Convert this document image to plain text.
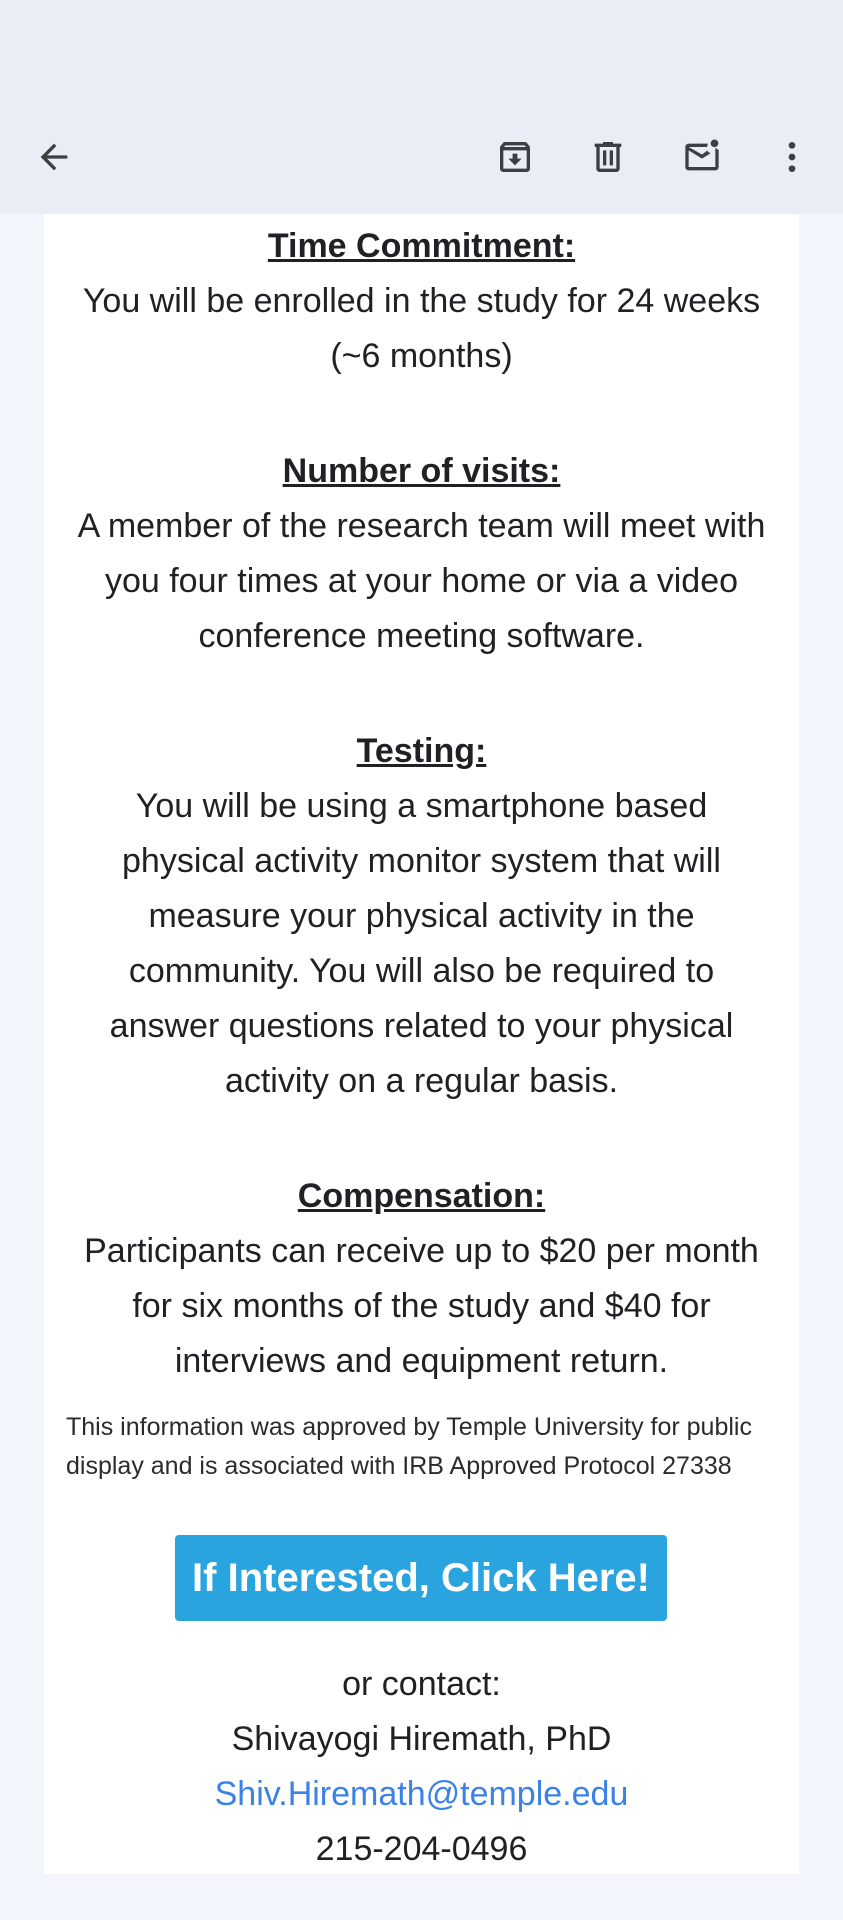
Time Commitment:
You will be enrolled in the study for 24 weeks (~6 months)
Number of visits:
A member of the research team will meet with you four times at your home or via a video conference meeting software.
Testing:
You will be using a smartphone based physical activity monitor system that will measure your physical activity in the community. You will also be required to answer questions related to your physical activity on a regular basis.
Compensation:
Participants can receive up to $20 per month for six months of the study and $40 for interviews and equipment return.
This information was approved by Temple University for public display and is associated with IRB Approved Protocol 27338
If Interested, Click Here!
or contact:
Shivayogi Hiremath, PhD
Shiv.Hiremath@temple.edu
215-204-0496
